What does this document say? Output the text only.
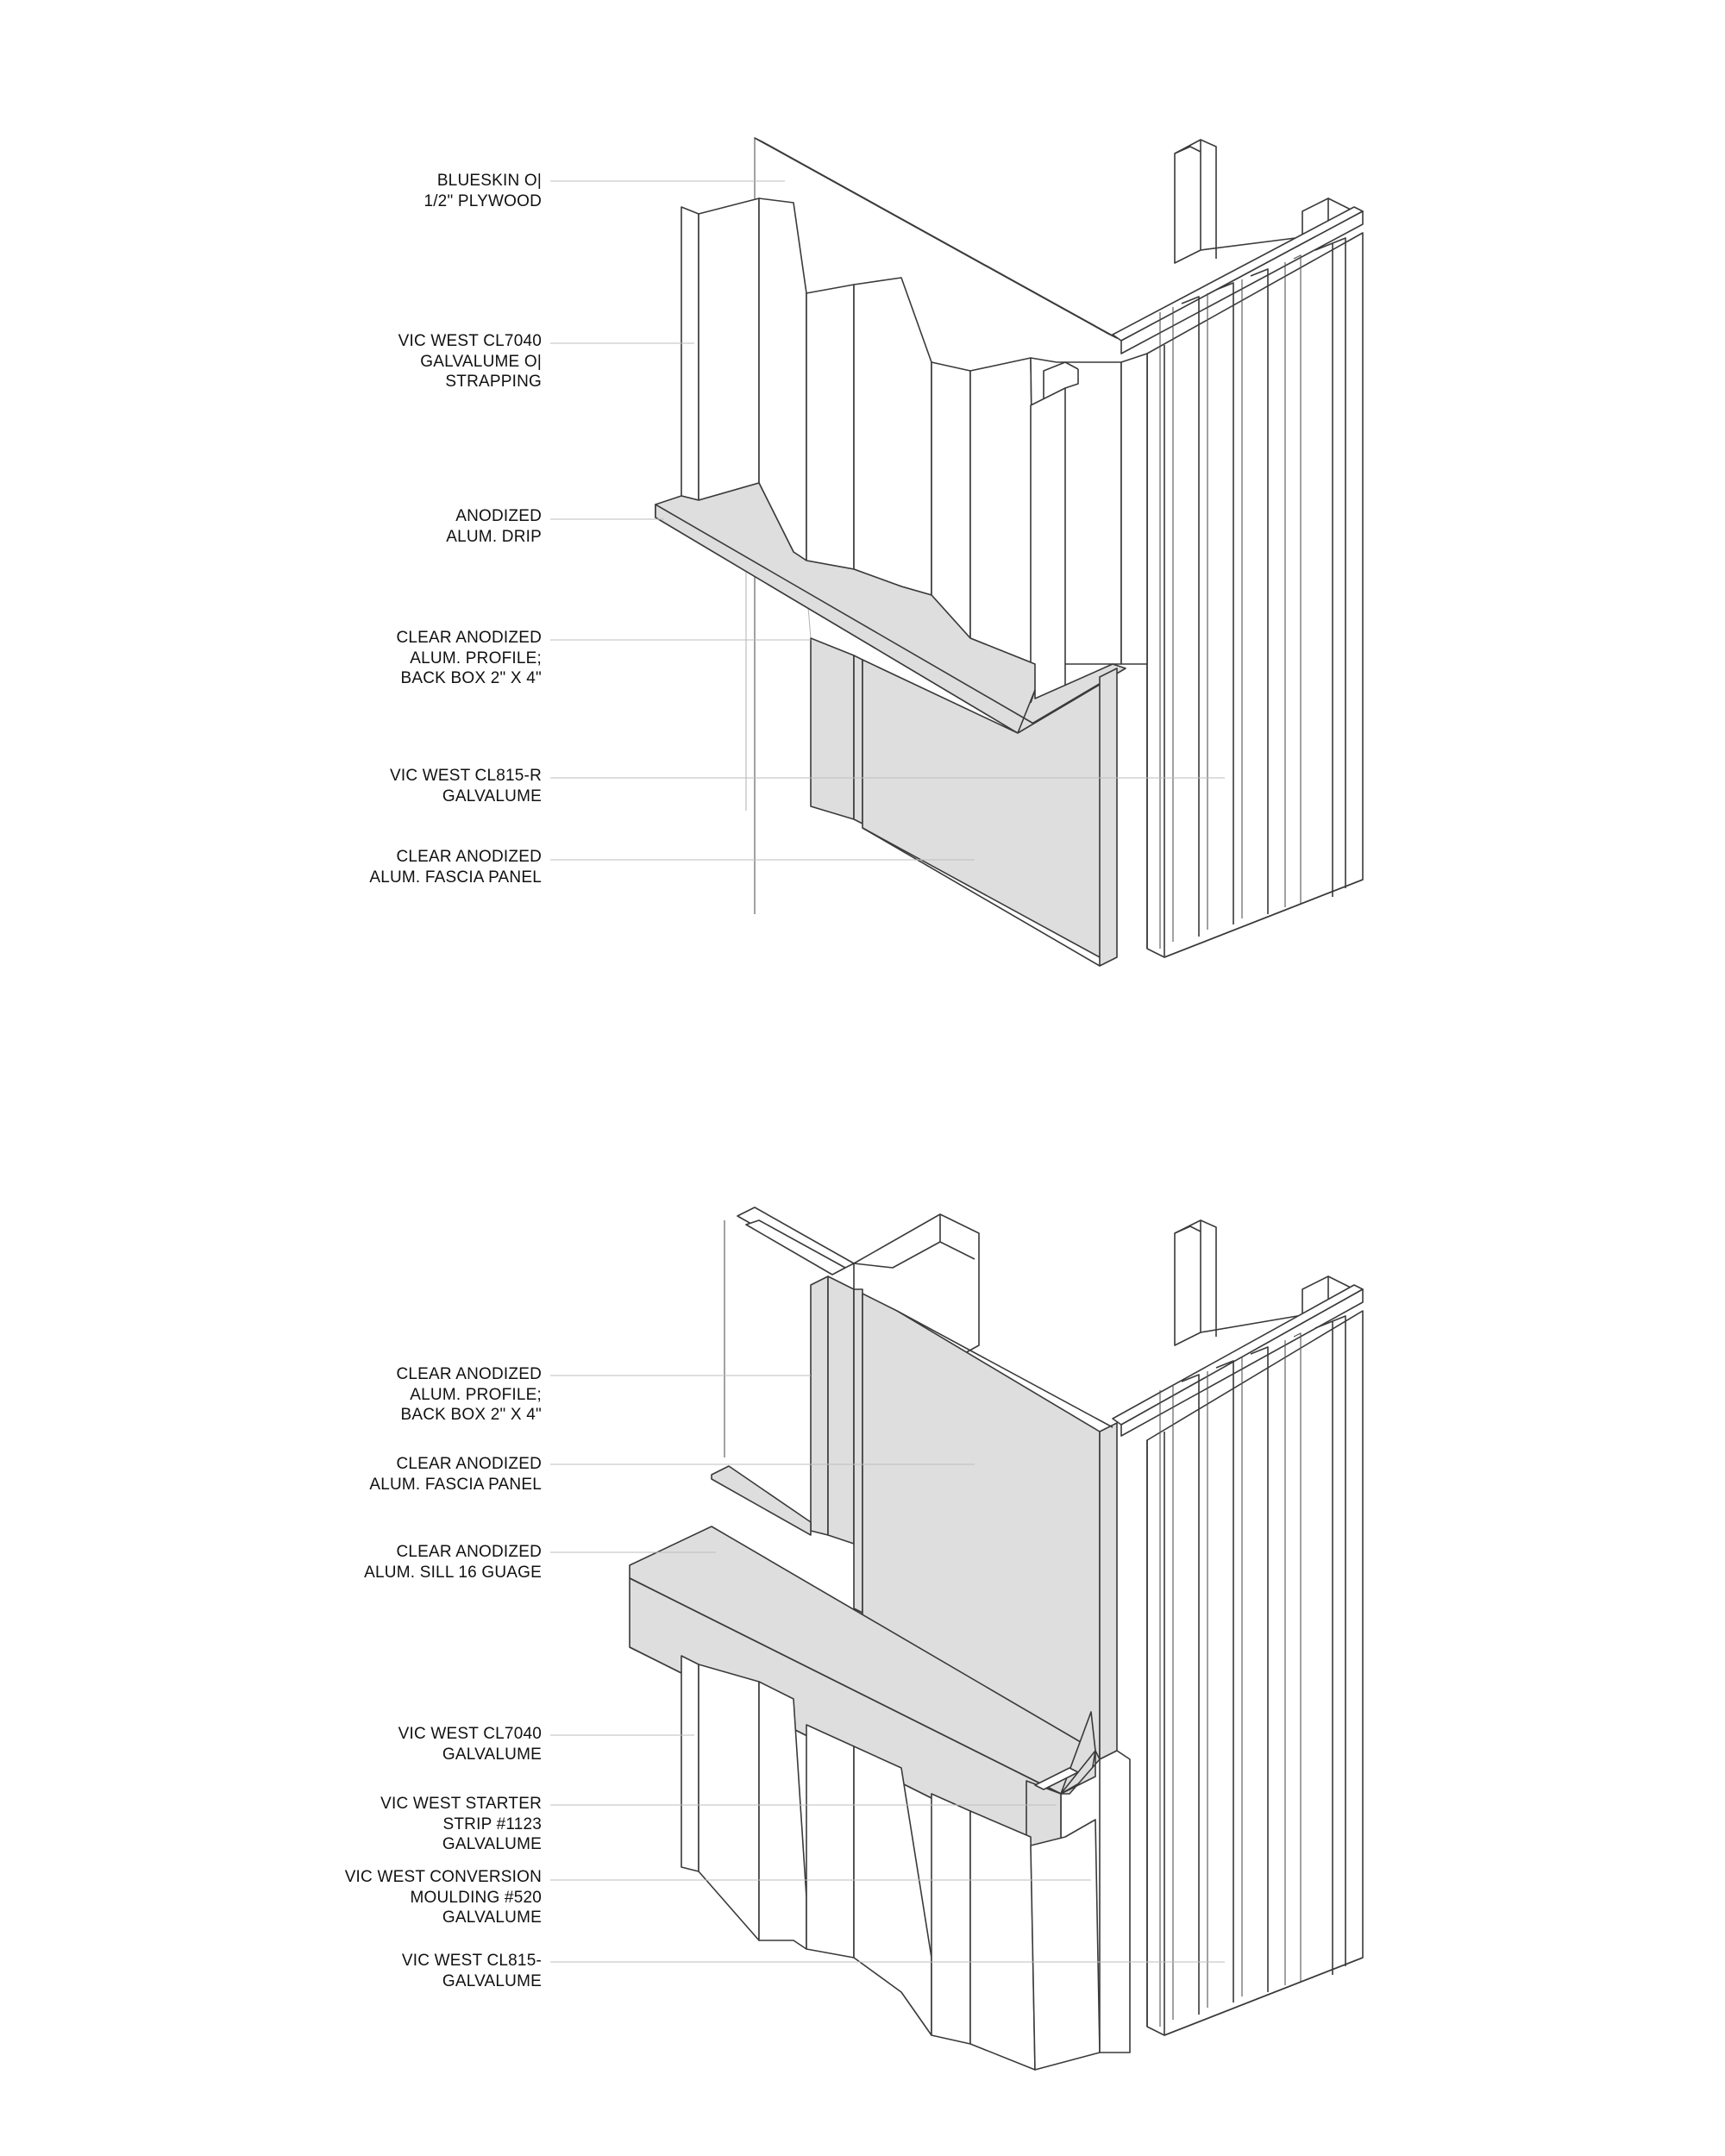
BLUESKIN O|
1/2" PLYWOOD
VIC WEST CL7040
GALVALUME O|
STRAPPING
ANODIZED
ALUM. DRIP
CLEAR ANODIZED
ALUM. PROFILE;
BACK BOX 2" X 4"
VIC WEST CL815-R
GALVALUME
CLEAR ANODIZED
ALUM. FASCIA PANEL
CLEAR ANODIZED
ALUM. PROFILE;
BACK BOX 2" X 4"
CLEAR ANODIZED
ALUM. FASCIA PANEL
CLEAR ANODIZED
ALUM. SILL 16 GUAGE
VIC WEST CL7040
GALVALUME
VIC WEST STARTER
STRIP #1123
GALVALUME
VIC WEST CONVERSION
MOULDING #520
GALVALUME
VIC WEST CL815-
GALVALUME
